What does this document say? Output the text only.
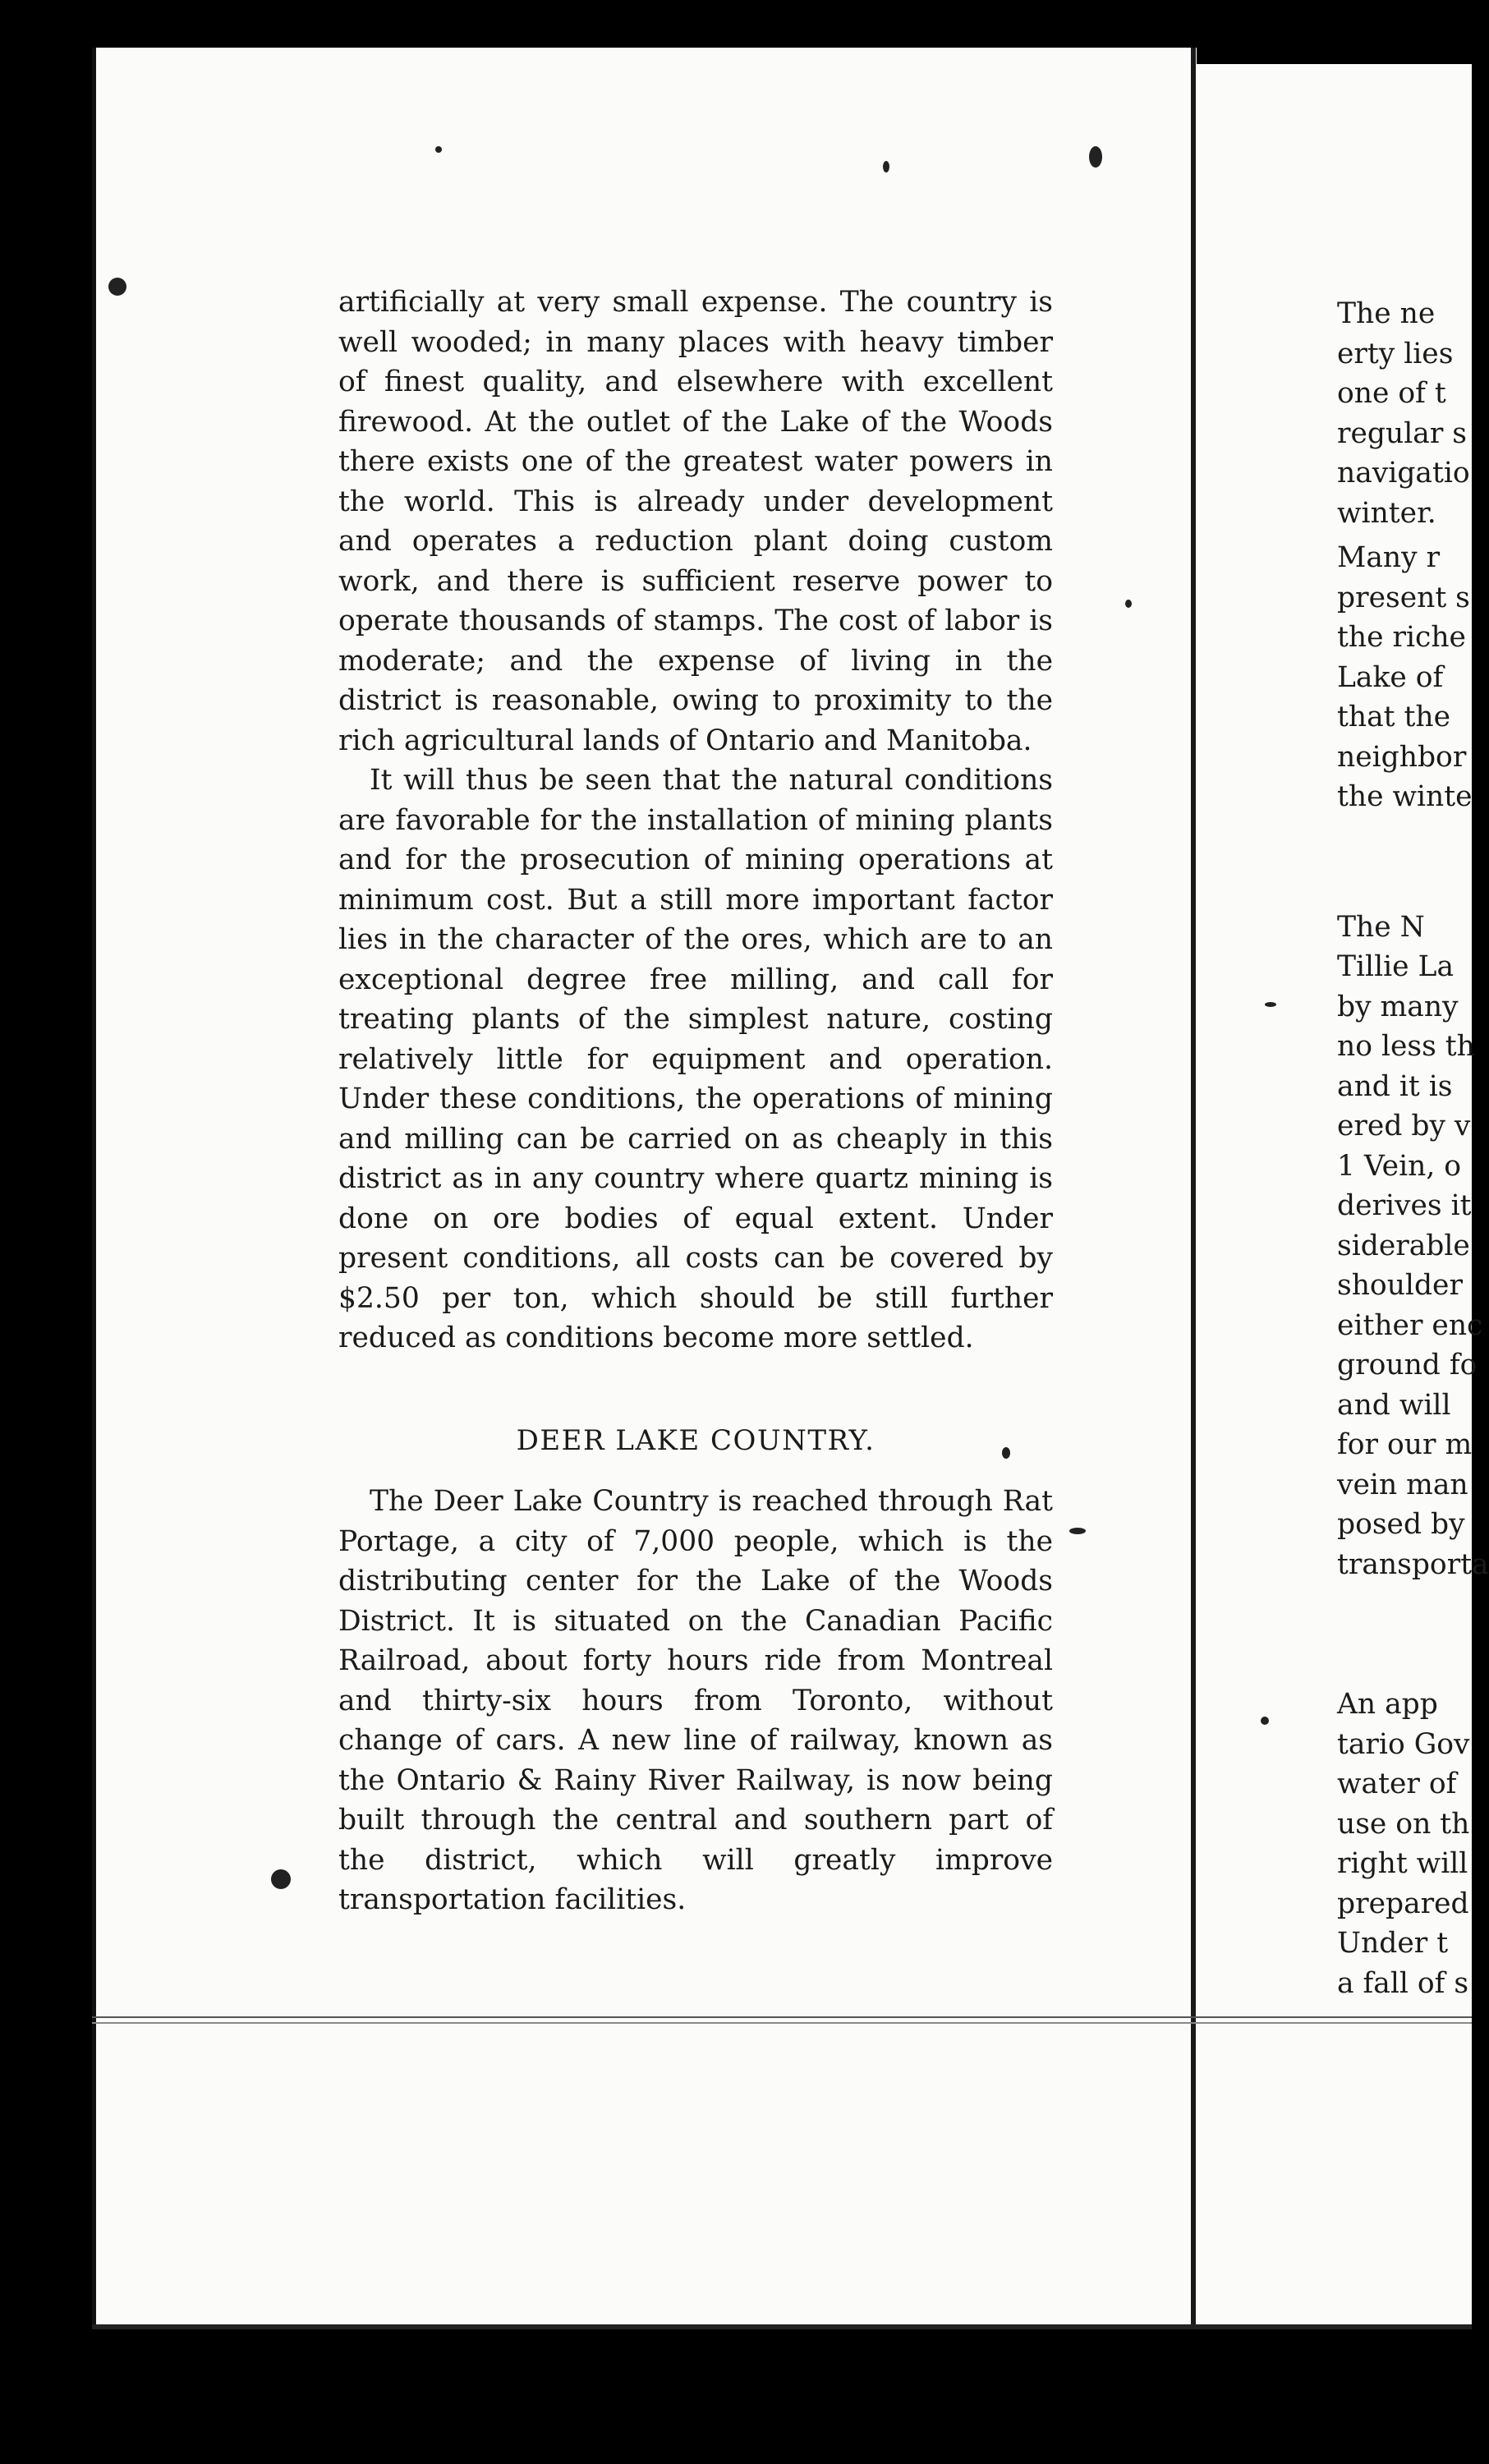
artificially at very small expense. The country is well wooded; in many places with heavy timber of finest quality, and elsewhere with excellent firewood. At the outlet of the Lake of the Woods there exists one of the greatest water powers in the world. This is already under development and operates a reduction plant doing custom work, and there is sufficient reserve power to operate thousands of stamps. The cost of labor is moderate; and the expense of living in the district is reasonable, owing to proximity to the rich agricultural lands of Ontario and Manitoba.

It will thus be seen that the natural conditions are favorable for the installation of mining plants and for the prosecution of mining operations at minimum cost. But a still more important factor lies in the character of the ores, which are to an exceptional degree free milling, and call for treating plants of the simplest nature, costing relatively little for equipment and operation. Under these conditions, the operations of mining and milling can be carried on as cheaply in this district as in any country where quartz mining is done on ore bodies of equal extent. Under present conditions, all costs can be covered by $2.50 per ton, which should be still further reduced as conditions become more settled.

DEER LAKE COUNTRY.

The Deer Lake Country is reached through Rat Portage, a city of 7,000 people, which is the distributing center for the Lake of the Woods District. It is situated on the Canadian Pacific Railroad, about forty hours ride from Montreal and thirty-six hours from Toronto, without change of cars. A new line of railway, known as the Ontario & Rainy River Railway, is now being built through the central and southern part of the district, which will greatly improve transportation facilities.

The ne
erty lies
one of t
regular s
navigatio
winter.
Many r
present s
the riche
Lake of
that the
neighbor
the winte
The N
Tillie La
by many
no less th
and it is
ered by v
1 Vein, o
derives it
siderable
shoulder
either enc
ground fo
and will
for our m
vein man
posed by
transporta
An app
tario Gov
water of
use on th
right will
prepared
Under t
a fall of s
